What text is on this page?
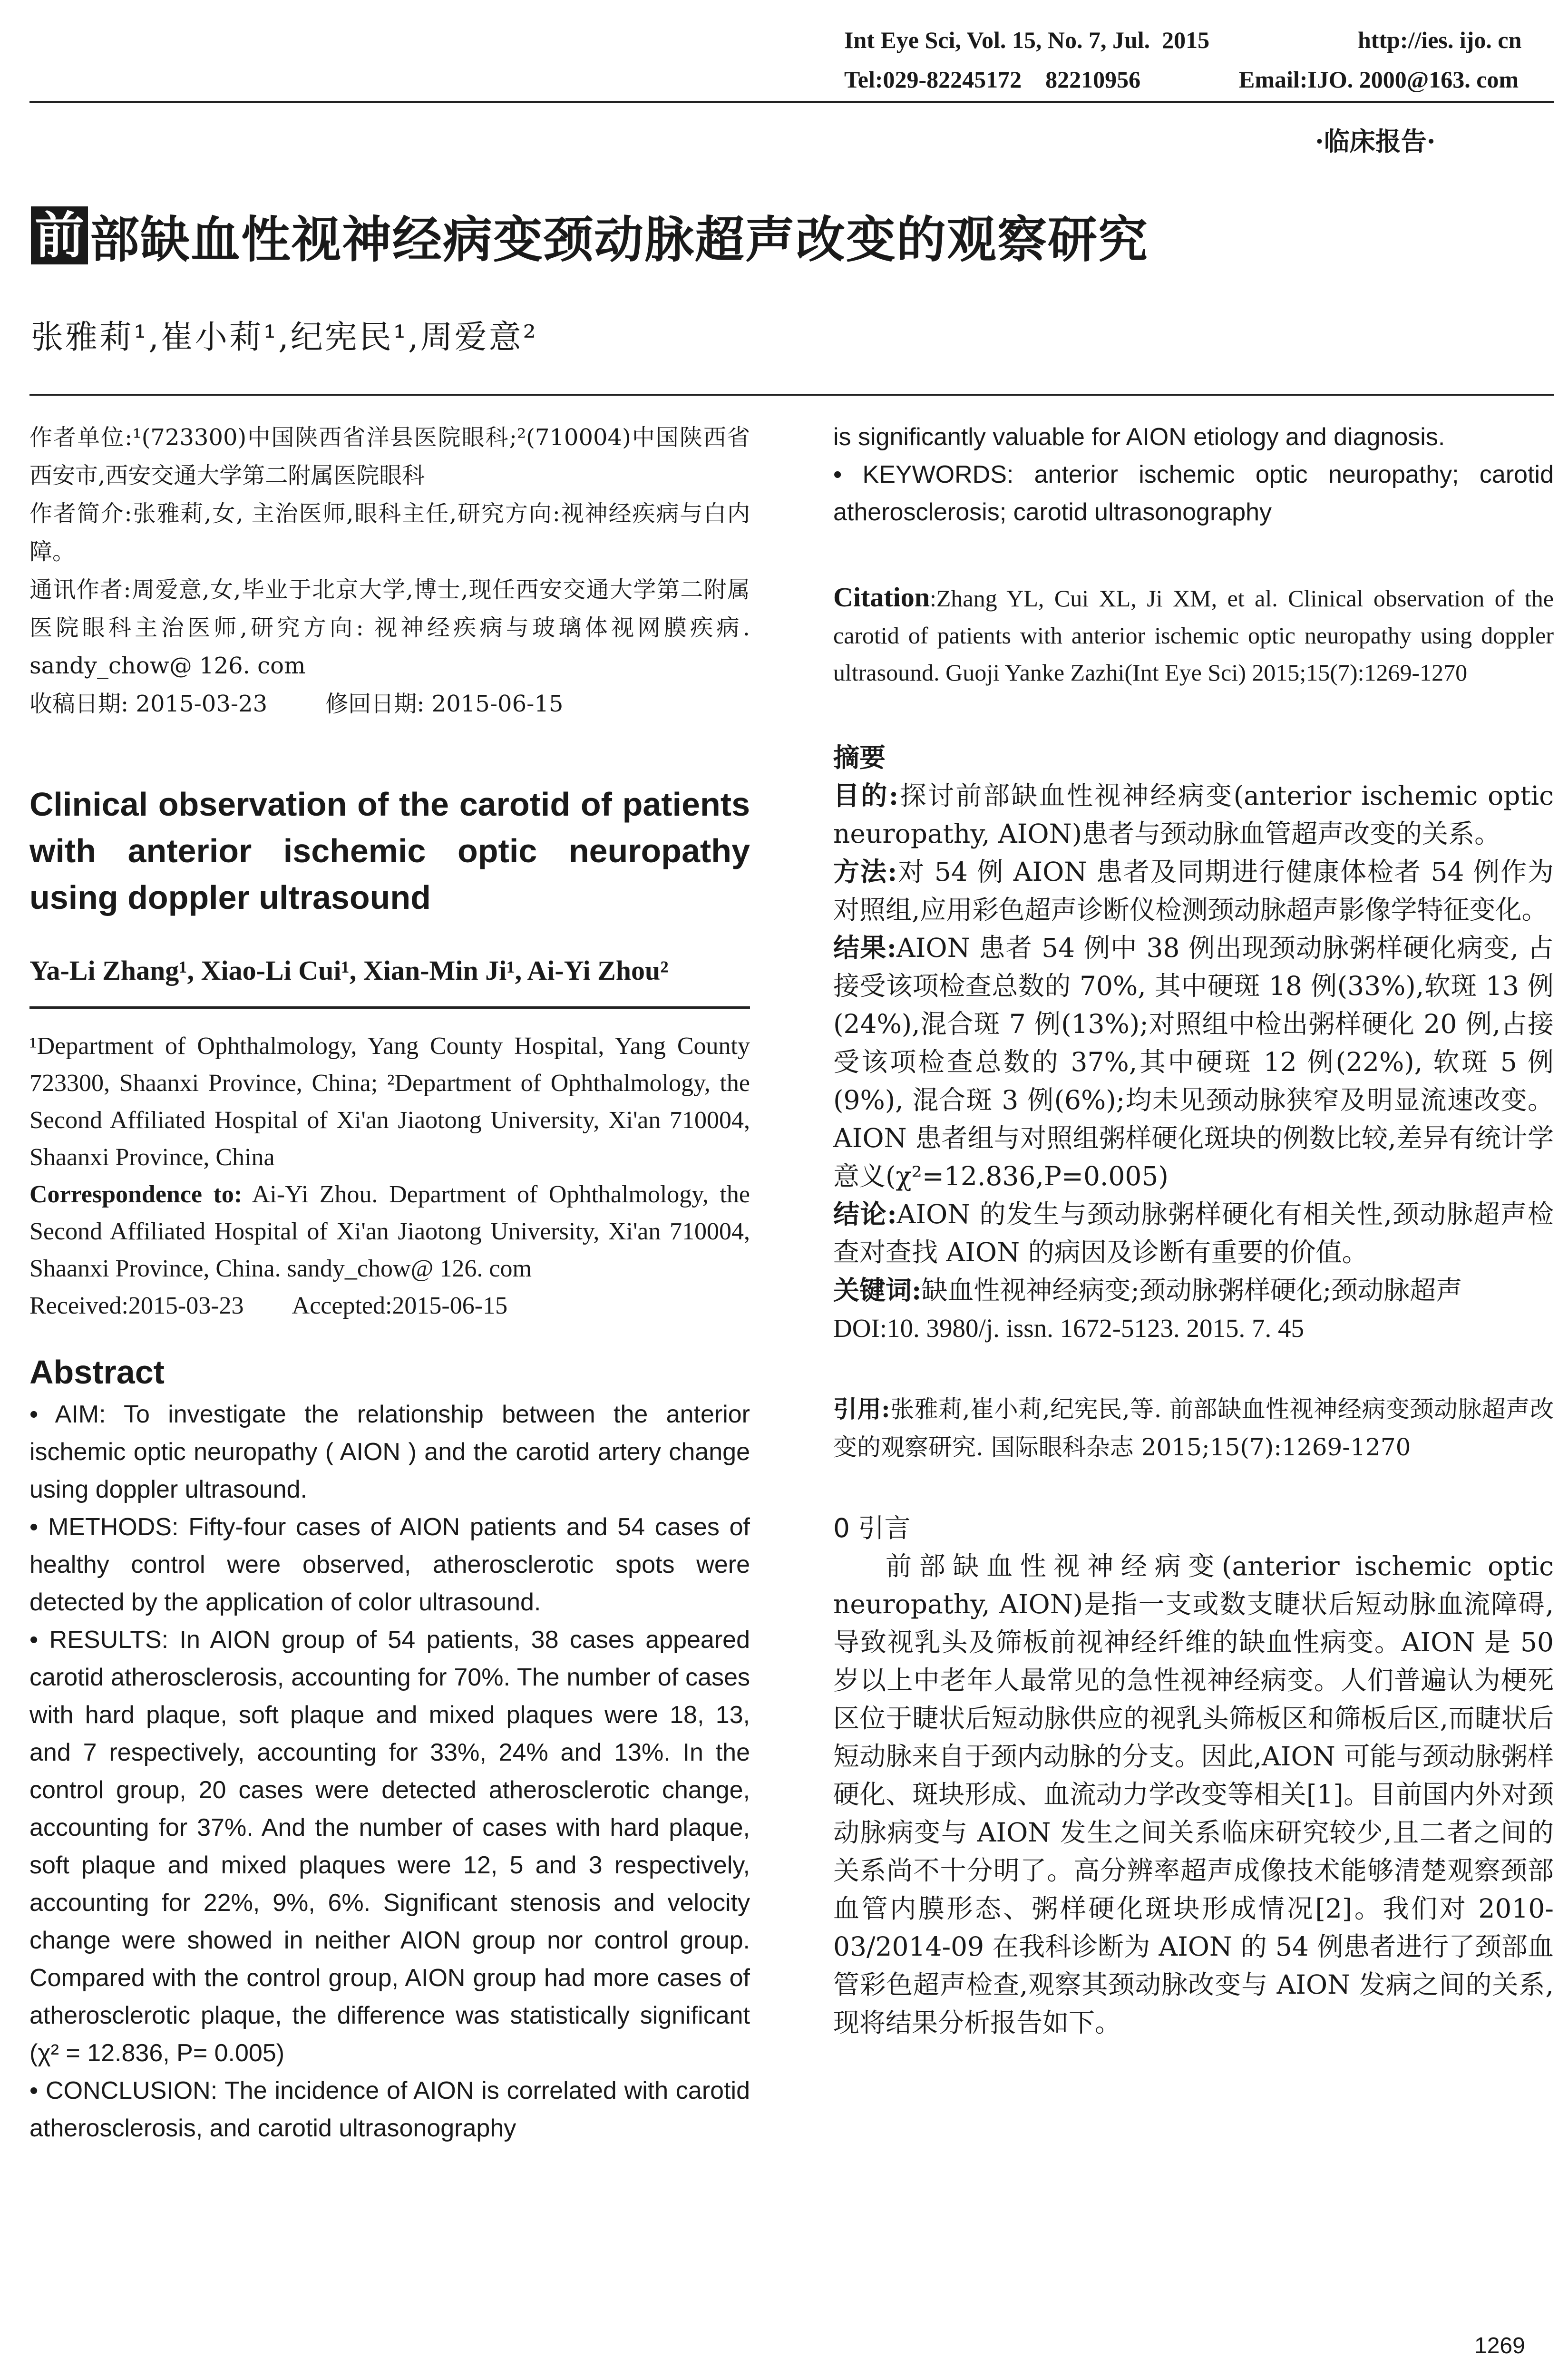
Int Eye Sci, Vol. 15, No. 7, Jul.  2015	http://ies. ijo. cn
Tel:029-82245172    82210956	Email:IJO. 2000@163. com
·临床报告·
前 部缺血性视神经病变颈动脉超声改变的观察研究
张雅莉¹,崔小莉¹,纪宪民¹,周爱意²

作者单位:¹(723300)中国陕西省洋县医院眼科;²(710004)中国陕西省西安市,西安交通大学第二附属医院眼科

作者简介:张雅莉,女, 主治医师,眼科主任,研究方向:视神经疾病与白内障。

通讯作者:周爱意,女,毕业于北京大学,博士,现任西安交通大学第二附属医院眼科主治医师,研究方向: 视神经疾病与玻璃体视网膜疾病. sandy_chow@ 126. com

收稿日期: 2015-03-23        修回日期: 2015-06-15

Clinical observation of the carotid of patients with anterior ischemic optic neuropathy using doppler ultrasound
Ya-Li Zhang¹, Xiao-Li Cui¹, Xian-Min Ji¹, Ai-Yi Zhou²

¹Department of Ophthalmology, Yang County Hospital, Yang County 723300, Shaanxi Province, China; ²Department of Ophthalmology, the Second Affiliated Hospital of Xi'an Jiaotong University, Xi'an 710004, Shaanxi Province, China

Correspondence to: Ai-Yi Zhou. Department of Ophthalmology, the Second Affiliated Hospital of Xi'an Jiaotong University, Xi'an 710004, Shaanxi Province, China. sandy_chow@ 126. com

Received:2015-03-23        Accepted:2015-06-15

Abstract

• AIM: To investigate the relationship between the anterior ischemic optic neuropathy ( AION ) and the carotid artery change using doppler ultrasound.

• METHODS: Fifty-four cases of AION patients and 54 cases of healthy control were observed, atherosclerotic spots were detected by the application of color ultrasound.

• RESULTS: In AION group of 54 patients, 38 cases appeared carotid atherosclerosis, accounting for 70%. The number of cases with hard plaque, soft plaque and mixed plaques were 18, 13, and 7 respectively, accounting for 33%, 24% and 13%. In the control group, 20 cases were detected atherosclerotic change, accounting for 37%. And the number of cases with hard plaque, soft plaque and mixed plaques were 12, 5 and 3 respectively, accounting for 22%, 9%, 6%. Significant stenosis and velocity change were showed in neither AION group nor control group. Compared with the control group, AION group had more cases of atherosclerotic plaque, the difference was statistically significant (χ² = 12.836, P= 0.005)

• CONCLUSION: The incidence of AION is correlated with carotid atherosclerosis, and carotid ultrasonography

is significantly valuable for AION etiology and diagnosis.

• KEYWORDS: anterior ischemic optic neuropathy; carotid atherosclerosis; carotid ultrasonography

Citation:Zhang YL, Cui XL, Ji XM, et al. Clinical observation of the carotid of patients with anterior ischemic optic neuropathy using doppler ultrasound. Guoji Yanke Zazhi(Int Eye Sci) 2015;15(7):1269-1270

摘要

目的:探讨前部缺血性视神经病变(anterior ischemic optic neuropathy, AION)患者与颈动脉血管超声改变的关系。

方法:对 54 例 AION 患者及同期进行健康体检者 54 例作为对照组,应用彩色超声诊断仪检测颈动脉超声影像学特征变化。

结果:AION 患者 54 例中 38 例出现颈动脉粥样硬化病变, 占接受该项检查总数的 70%, 其中硬斑 18 例(33%),软斑 13 例(24%),混合斑 7 例(13%);对照组中检出粥样硬化 20 例,占接受该项检查总数的 37%,其中硬斑 12 例(22%), 软斑 5 例(9%), 混合斑 3 例(6%);均未见颈动脉狭窄及明显流速改变。AION 患者组与对照组粥样硬化斑块的例数比较,差异有统计学意义(χ²=12.836,P=0.005)

结论:AION 的发生与颈动脉粥样硬化有相关性,颈动脉超声检查对查找 AION 的病因及诊断有重要的价值。

关键词:缺血性视神经病变;颈动脉粥样硬化;颈动脉超声

DOI:10. 3980/j. issn. 1672-5123. 2015. 7. 45

引用:张雅莉,崔小莉,纪宪民,等. 前部缺血性视神经病变颈动脉超声改变的观察研究. 国际眼科杂志 2015;15(7):1269-1270

0 引言

前部缺血性视神经病变(anterior ischemic optic neuropathy, AION)是指一支或数支睫状后短动脉血流障碍,导致视乳头及筛板前视神经纤维的缺血性病变。AION 是 50 岁以上中老年人最常见的急性视神经病变。人们普遍认为梗死区位于睫状后短动脉供应的视乳头筛板区和筛板后区,而睫状后短动脉来自于颈内动脉的分支。因此,AION 可能与颈动脉粥样硬化、斑块形成、血流动力学改变等相关[1]。目前国内外对颈动脉病变与 AION 发生之间关系临床研究较少,且二者之间的关系尚不十分明了。高分辨率超声成像技术能够清楚观察颈部血管内膜形态、粥样硬化斑块形成情况[2]。我们对 2010-03/2014-09 在我科诊断为 AION 的 54 例患者进行了颈部血管彩色超声检查,观察其颈动脉改变与 AION 发病之间的关系,现将结果分析报告如下。

1269
